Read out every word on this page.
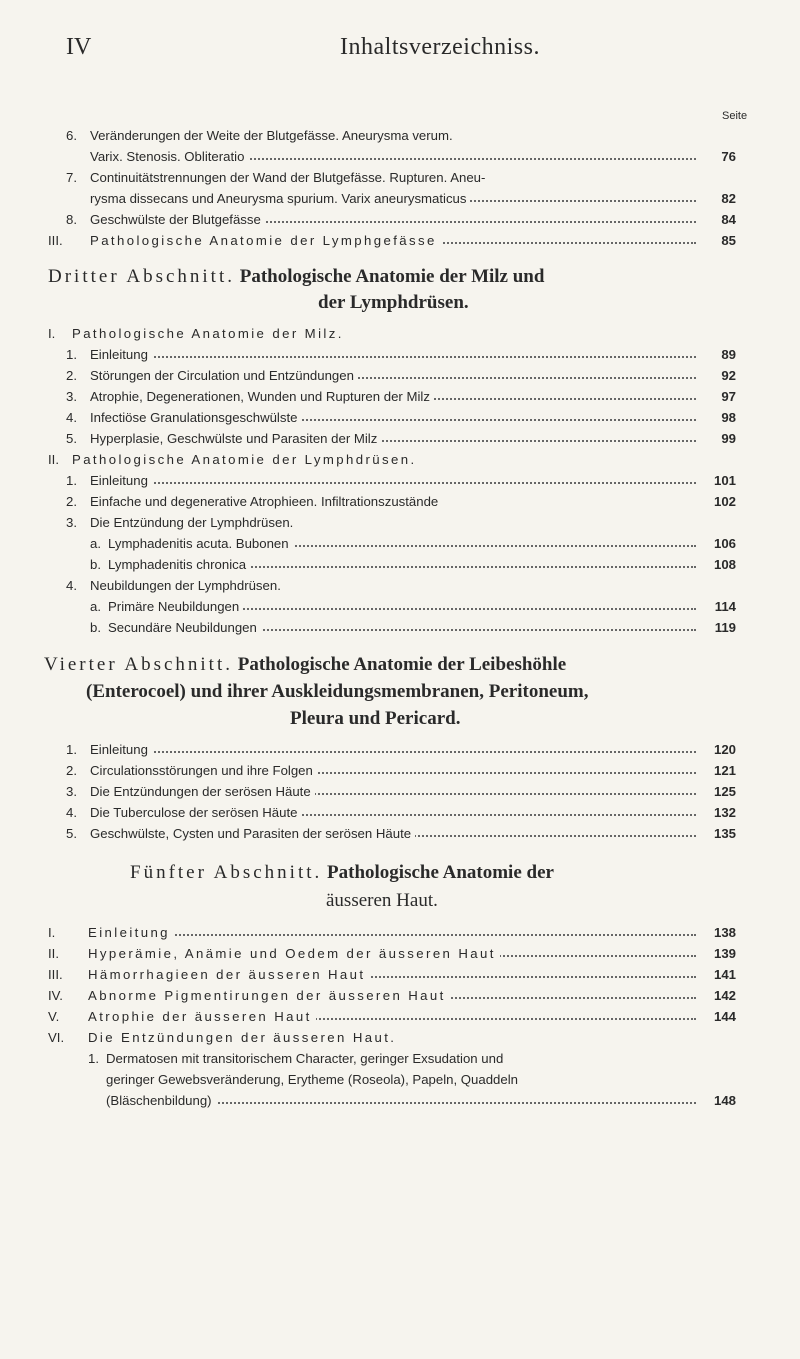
IV	Inhaltsverzeichniss.
Seite
6. Veränderungen der Weite der Blutgefässe. Aneurysma verum.
Varix. Stenosis. Obliteratio	76
7. Continuitätstrennungen der Wand der Blutgefässe. Rupturen. Aneu-
rysma dissecans und Aneurysma spurium. Varix aneurysmaticus	82
8. Geschwülste der Blutgefässe	84
III. Pathologische Anatomie der Lymphgefässe	85
Dritter Abschnitt. Pathologische Anatomie der Milz und
der Lymphdrüsen.
I. Pathologische Anatomie der Milz.
1. Einleitung	89
2. Störungen der Circulation und Entzündungen	92
3. Atrophie, Degenerationen, Wunden und Rupturen der Milz	97
4. Infectiöse Granulationsgeschwülste	98
5. Hyperplasie, Geschwülste und Parasiten der Milz	99
II. Pathologische Anatomie der Lymphdrüsen.
1. Einleitung	101
2. Einfache und degenerative Atrophieen. Infiltrationszustände	102
3. Die Entzündung der Lymphdrüsen.
a. Lymphadenitis acuta. Bubonen	106
b. Lymphadenitis chronica	108
4. Neubildungen der Lymphdrüsen.
a. Primäre Neubildungen	114
b. Secundäre Neubildungen	119
Vierter Abschnitt. Pathologische Anatomie der Leibeshöhle
(Enterocoel) und ihrer Auskleidungsmembranen, Peritoneum,
Pleura und Pericard.
1. Einleitung	120
2. Circulationsstörungen und ihre Folgen	121
3. Die Entzündungen der serösen Häute	125
4. Die Tuberculose der serösen Häute	132
5. Geschwülste, Cysten und Parasiten der serösen Häute	135
Fünfter Abschnitt. Pathologische Anatomie der
äusseren Haut.
I. Einleitung	138
II. Hyperämie, Anämie und Oedem der äusseren Haut	139
III. Hämorrhagieen der äusseren Haut	141
IV. Abnorme Pigmentirungen der äusseren Haut	142
V. Atrophie der äusseren Haut	144
VI. Die Entzündungen der äusseren Haut.
1. Dermatosen mit transitorischem Character, geringer Exsudation und
geringer Gewebsveränderung, Erytheme (Roseola), Papeln, Quaddeln
(Bläschenbildung)	148
